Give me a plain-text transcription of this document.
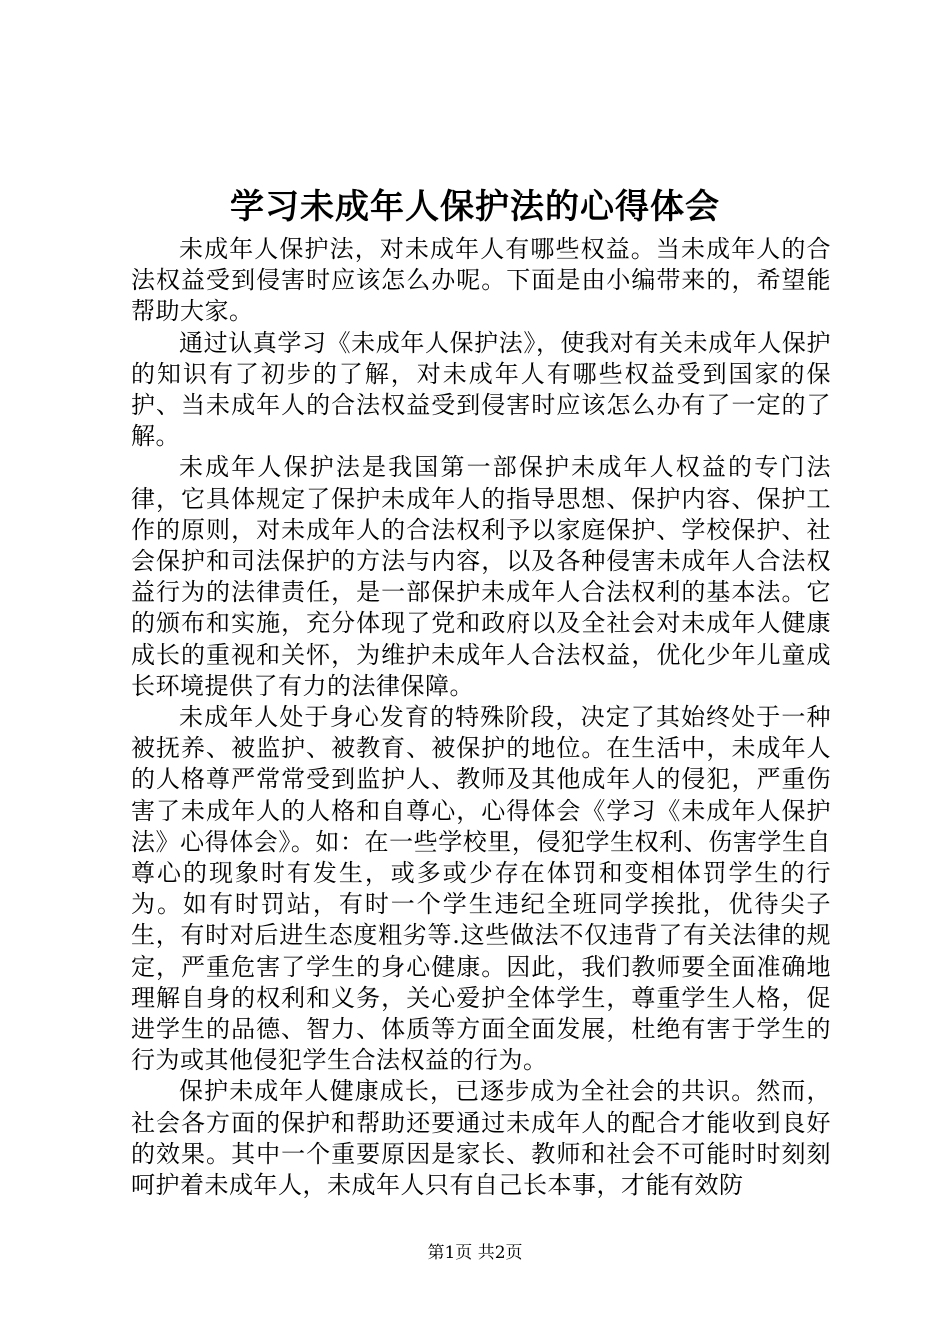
学习未成年人保护法的心得体会

未成年人保护法，对未成年人有哪些权益。当未成年人的合法权益受到侵害时应该怎么办呢。下面是由小编带来的，希望能帮助大家。

通过认真学习《未成年人保护法》，使我对有关未成年人保护的知识有了初步的了解，对未成年人有哪些权益受到国家的保护、当未成年人的合法权益受到侵害时应该怎么办有了一定的了解。

未成年人保护法是我国第一部保护未成年人权益的专门法律，它具体规定了保护未成年人的指导思想、保护内容、保护工作的原则，对未成年人的合法权利予以家庭保护、学校保护、社会保护和司法保护的方法与内容，以及各种侵害未成年人合法权益行为的法律责任，是一部保护未成年人合法权利的基本法。它的颁布和实施，充分体现了党和政府以及全社会对未成年人健康成长的重视和关怀，为维护未成年人合法权益，优化少年儿童成长环境提供了有力的法律保障。

未成年人处于身心发育的特殊阶段，决定了其始终处于一种被抚养、被监护、被教育、被保护的地位。在生活中，未成年人的人格尊严常常受到监护人、教师及其他成年人的侵犯，严重伤害了未成年人的人格和自尊心，心得体会《学习《未成年人保护法》心得体会》。如：在一些学校里，侵犯学生权利、伤害学生自尊心的现象时有发生，或多或少存在体罚和变相体罚学生的行为。如有时罚站，有时一个学生违纪全班同学挨批，优待尖子生，有时对后进生态度粗劣等.这些做法不仅违背了有关法律的规定，严重危害了学生的身心健康。因此，我们教师要全面准确地理解自身的权利和义务，关心爱护全体学生，尊重学生人格，促进学生的品德、智力、体质等方面全面发展，杜绝有害于学生的行为或其他侵犯学生合法权益的行为。

保护未成年人健康成长，已逐步成为全社会的共识。然而，社会各方面的保护和帮助还要通过未成年人的配合才能收到良好的效果。其中一个重要原因是家长、教师和社会不可能时时刻刻呵护着未成年人，未成年人只有自己长本事，才能有效防

第1页 共2页
